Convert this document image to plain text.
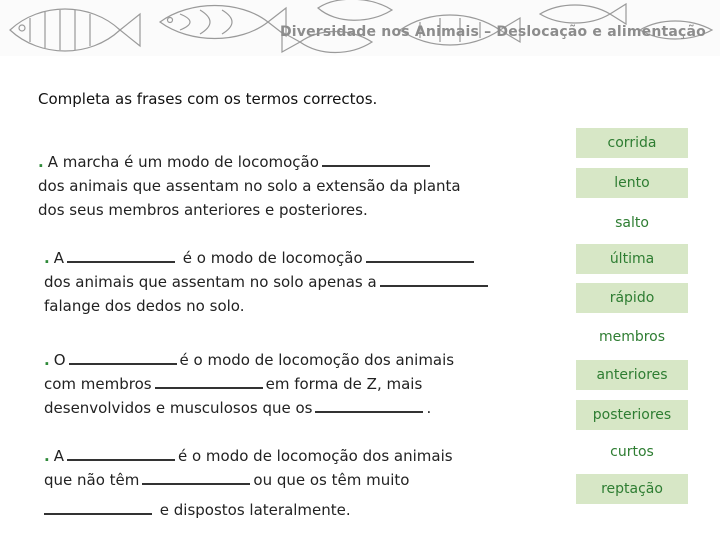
Diversidade nos Animais – Deslocação e alimentação
Completa as frases com os termos correctos.
. A marcha é um modo de locomoção
dos animais que assentam no solo a extensão da planta
dos seus membros anteriores e posteriores.
. A	é o modo de locomoção
dos animais que assentam no solo apenas a
falange dos dedos no solo.
. O	é o modo de locomoção dos animais
com membros	em forma de Z, mais
desenvolvidos e musculosos que os	.
. A	é o modo de locomoção dos animais
que não têm	ou que os têm muito
e dispostos lateralmente.
corrida
lento
salto
última
rápido
membros
anteriores
posteriores
curtos
reptação
